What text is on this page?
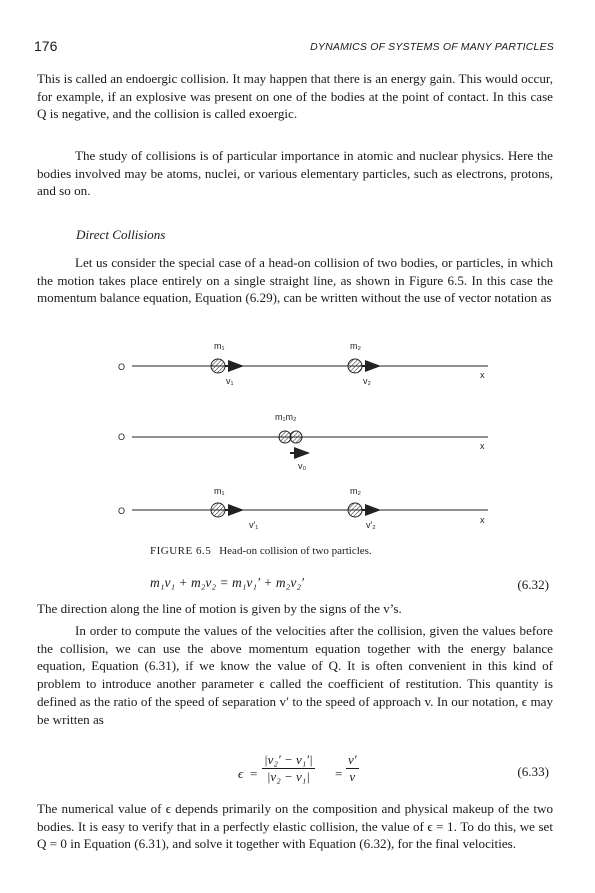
176	DYNAMICS OF SYSTEMS OF MANY PARTICLES

This is called an endoergic collision. It may happen that there is an energy gain. This would occur, for example, if an explosive was present on one of the bodies at the point of contact. In this case Q is negative, and the collision is called exoergic.

The study of collisions is of particular importance in atomic and nuclear physics. Here the bodies involved may be atoms, nuclei, or various elementary particles, such as electrons, protons, and so on.

Direct Collisions

Let us consider the special case of a head-on collision of two bodies, or particles, in which the motion takes place entirely on a single straight line, as shown in Figure 6.5. In this case the momentum balance equation, Equation (6.29), can be written without the use of vector notation as

O
x
m₁
v₁
m₂
v₂
O
x
m₁m₂
v₀
O
x
m₁
v′₁
m₂
v′₂
FIGURE 6.5 Head-on collision of two particles.
m₁v₁ + m₂v₂ = m₁v₁′ + m₂v₂′	(6.32)

The direction along the line of motion is given by the signs of the v’s.

In order to compute the values of the velocities after the collision, given the values before the collision, we can use the above momentum equation together with the energy balance equation, Equation (6.31), if we know the value of Q. It is often convenient in this kind of problem to introduce another parameter ϵ called the coefficient of restitution. This quantity is defined as the ratio of the speed of separation v′ to the speed of approach v. In our notation, ϵ may be written as

$\epsilon = \frac{\text{|v₂′ − v₁′|}}{\text{|v₂ − v₁|}} = \frac{v'}{v}$	(6.33)

The numerical value of ϵ depends primarily on the composition and physical makeup of the two bodies. It is easy to verify that in a perfectly elastic collision, the value of ϵ = 1. To do this, we set Q = 0 in Equation (6.31), and solve it together with Equation (6.32), for the final velocities.
